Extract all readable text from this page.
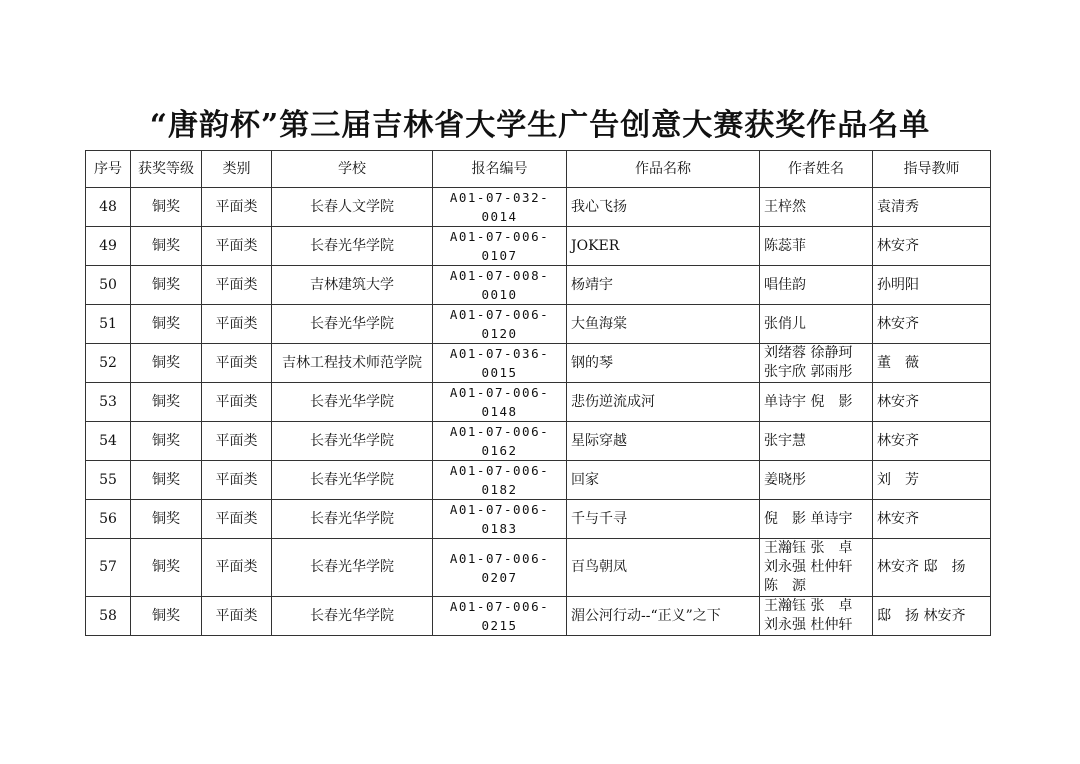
“唐韵杯”第三届吉林省大学生广告创意大赛获奖作品名单
序号	获奖等级	类别	学校	报名编号	作品名称	作者姓名	指导教师
48	铜奖	平面类	长春人文学院	A01-07-032-0014	我心飞扬	王梓然	袁清秀
49	铜奖	平面类	长春光华学院	A01-07-006-0107	JOKER	陈蕊菲	林安齐
50	铜奖	平面类	吉林建筑大学	A01-07-008-0010	杨靖宇	唱佳韵	孙明阳
51	铜奖	平面类	长春光华学院	A01-07-006-0120	大鱼海棠	张俏儿	林安齐
52	铜奖	平面类	吉林工程技术师范学院	A01-07-036-0015	钢的琴	刘绪蓉 徐静珂
张宇欣 郭雨彤	董　薇
53	铜奖	平面类	长春光华学院	A01-07-006-0148	悲伤逆流成河	单诗宇 倪　影	林安齐
54	铜奖	平面类	长春光华学院	A01-07-006-0162	星际穿越	张宇慧	林安齐
55	铜奖	平面类	长春光华学院	A01-07-006-0182	回家	姜晓彤	刘　芳
56	铜奖	平面类	长春光华学院	A01-07-006-0183	千与千寻	倪　影 单诗宇	林安齐
57	铜奖	平面类	长春光华学院	A01-07-006-0207	百鸟朝凤	王瀚钰 张　卓
刘永强 杜仲轩
陈　源	林安齐 邸　扬
58	铜奖	平面类	长春光华学院	A01-07-006-0215	湄公河行动--“正义”之下	王瀚钰 张　卓
刘永强 杜仲轩	邸　扬 林安齐
